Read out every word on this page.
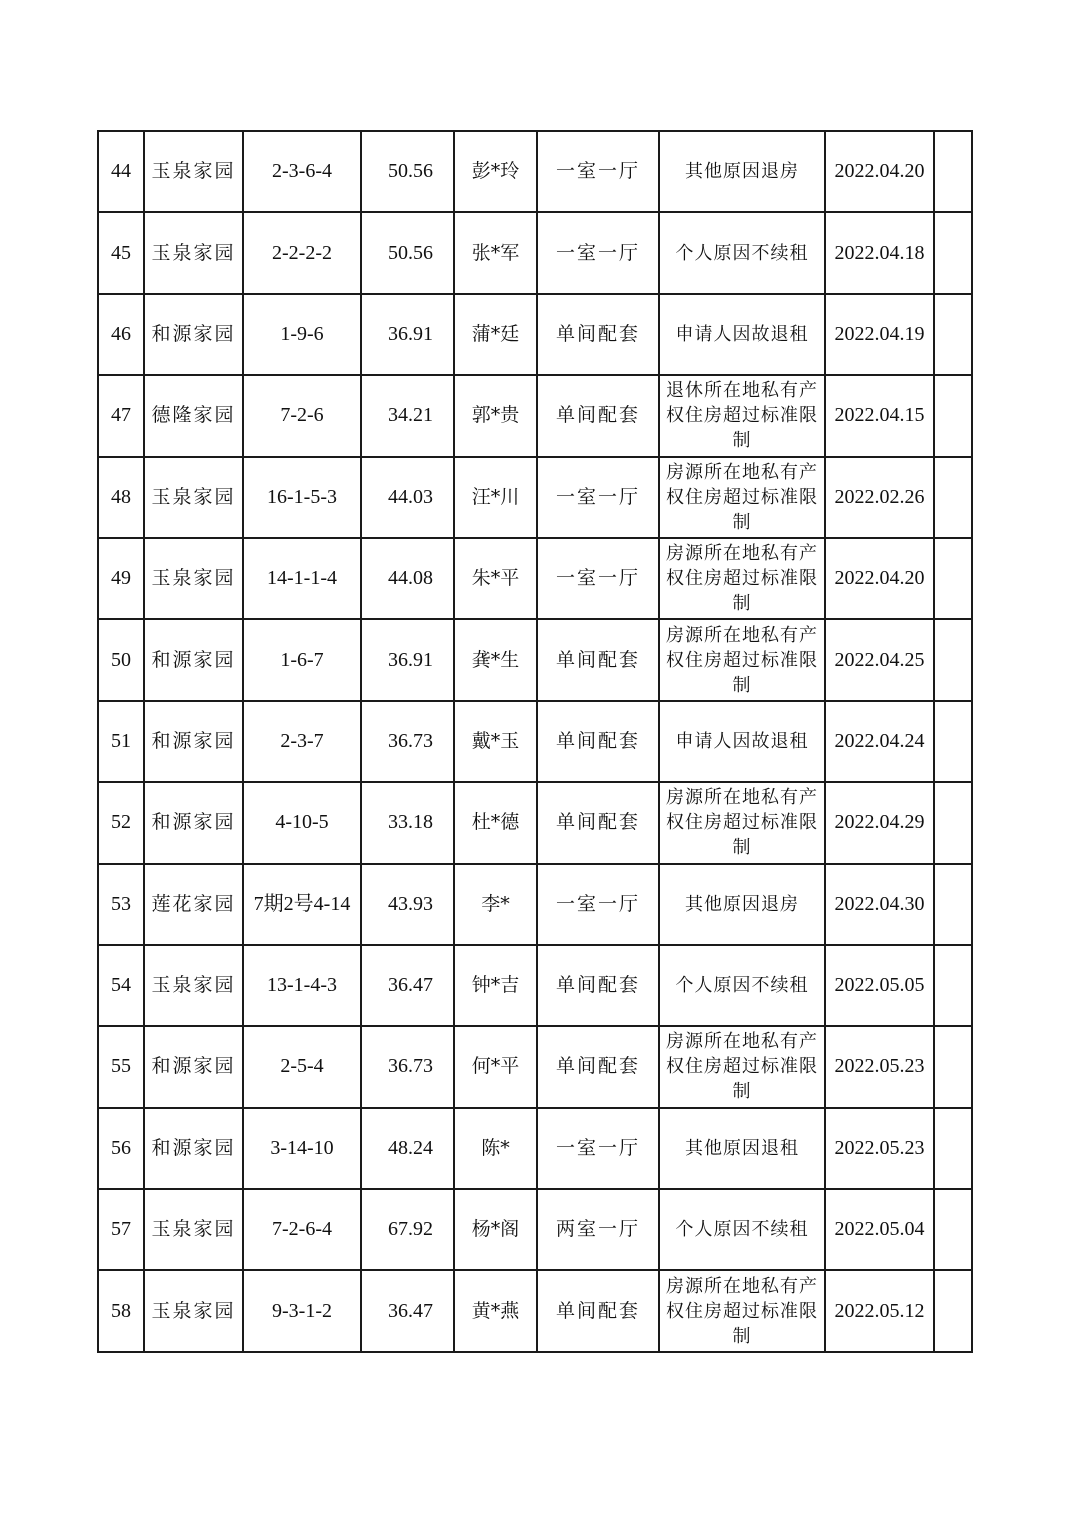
44	玉泉家园	2-3-6-4	50.56	彭*玲	一室一厅	其他原因退房	2022.04.20	
45	玉泉家园	2-2-2-2	50.56	张*军	一室一厅	个人原因不续租	2022.04.18	
46	和源家园	1-9-6	36.91	蒲*廷	单间配套	申请人因故退租	2022.04.19	
47	德隆家园	7-2-6	34.21	郭*贵	单间配套	退休所在地私有产权住房超过标准限制	2022.04.15	
48	玉泉家园	16-1-5-3	44.03	汪*川	一室一厅	房源所在地私有产权住房超过标准限制	2022.02.26	
49	玉泉家园	14-1-1-4	44.08	朱*平	一室一厅	房源所在地私有产权住房超过标准限制	2022.04.20	
50	和源家园	1-6-7	36.91	龚*生	单间配套	房源所在地私有产权住房超过标准限制	2022.04.25	
51	和源家园	2-3-7	36.73	戴*玉	单间配套	申请人因故退租	2022.04.24	
52	和源家园	4-10-5	33.18	杜*德	单间配套	房源所在地私有产权住房超过标准限制	2022.04.29	
53	莲花家园	7期2号4-14	43.93	李*	一室一厅	其他原因退房	2022.04.30	
54	玉泉家园	13-1-4-3	36.47	钟*吉	单间配套	个人原因不续租	2022.05.05	
55	和源家园	2-5-4	36.73	何*平	单间配套	房源所在地私有产权住房超过标准限制	2022.05.23	
56	和源家园	3-14-10	48.24	陈*	一室一厅	其他原因退租	2022.05.23	
57	玉泉家园	7-2-6-4	67.92	杨*阁	两室一厅	个人原因不续租	2022.05.04	
58	玉泉家园	9-3-1-2	36.47	黄*燕	单间配套	房源所在地私有产权住房超过标准限制	2022.05.12	
